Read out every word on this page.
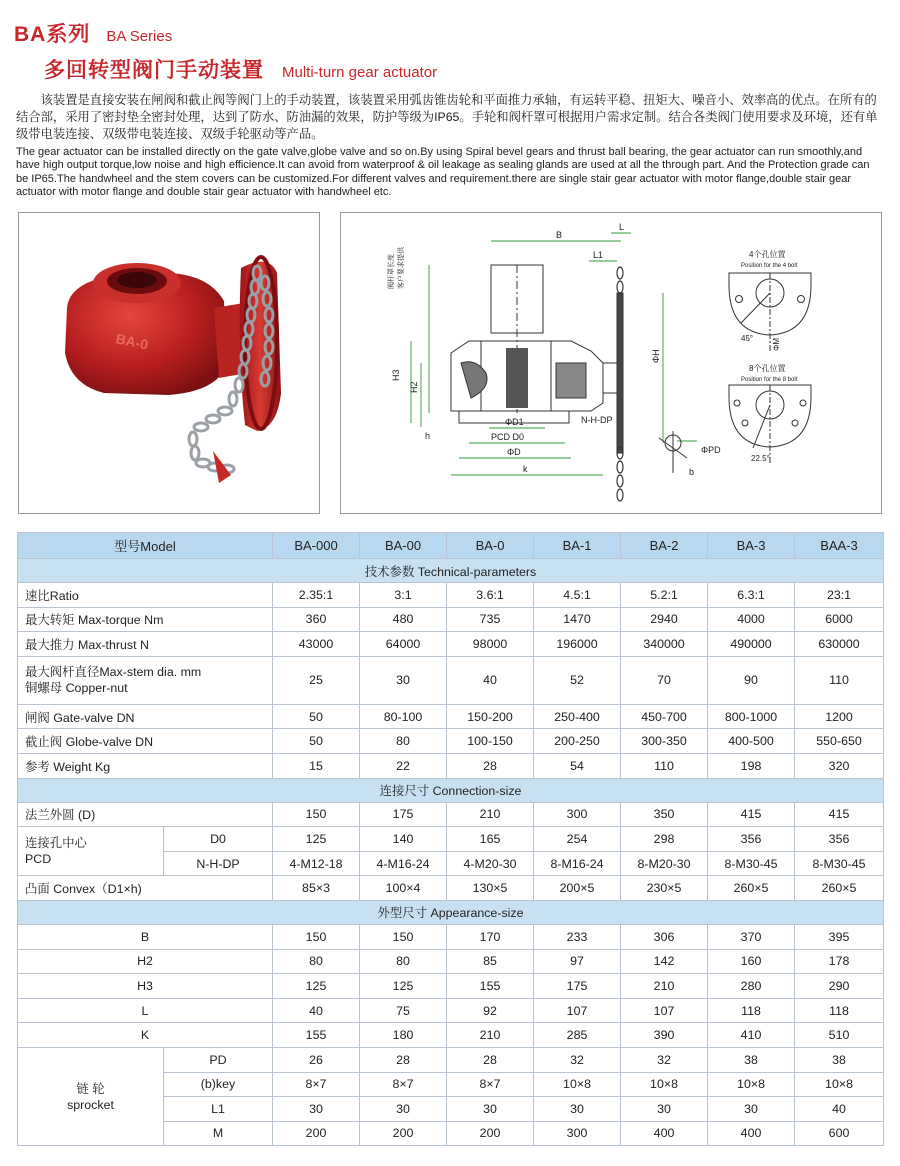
BA系列 BA Series
多回转型阀门手动装置 Multi-turn gear actuator

该装置是直接安装在闸阀和截止阀等阀门上的手动装置，该装置采用弧齿锥齿轮和平面推力承轴，有运转平稳、扭矩大、噪音小、效率高的优点。在所有的结合部，采用了密封垫全密封处理，达到了防水、防油漏的效果，防护等级为IP65。手轮和阀杆罩可根据用户需求定制。结合各类阀门使用要求及环境，还有单级带电装连接、双级带电装连接、双级手轮驱动等产品。

The gear actuator can be installed directly on the gate valve,globe valve and so on.By using Spiral bevel gears and thrust ball bearing, the gear actuator can run smoothly,and have high output torque,low noise and high efficience.It can avoid from waterproof & oil leakage as sealing glands are used at all the through part. And the Protection grade can be IP65.The handwheel and the stem covers can be customized.For different valves and requirement.there are single stair gear actuator with motor flange,double stair gear actuator with motor flange and double stair gear actuator with handwheel etc.

BA-0
B
L
L1
H3
H2
h
ΦH
ΦD1
PCD D0
ΦD
k
N-H-DP
ΦPD
b
阀杆罩长度 客户要求提供	4个孔位置
Position for the 4 bolt
45° ΦM
8个孔位置
Position for the 8 bolt
22.5°
型号Model		BA-000	BA-00	BA-0	BA-1	BA-2	BA-3	BAA-3
技术参数 Technical-parameters								
速比Ratio		2.35:1	3:1	3.6:1	4.5:1	5.2:1	6.3:1	23:1
最大转矩 Max-torque Nm		360	480	735	1470	2940	4000	6000
最大推力 Max-thrust N		43000	64000	98000	196000	340000	490000	630000
最大阀杆直径Max-stem dia. mm
铜螺母 Copper-nut		25	30	40	52	70	90	110
闸阀 Gate-valve DN		50	80-100	150-200	250-400	450-700	800-1000	1200
截止阀 Globe-valve DN		50	80	100-150	200-250	300-350	400-500	550-650
参考 Weight Kg		15	22	28	54	110	198	320
连接尺寸 Connection-size								
法兰外圆 (D)		150	175	210	300	350	415	415
连接孔中心
PCD	D0	125	140	165	254	298	356	356
	N-H-DP	4-M12-18	4-M16-24	4-M20-30	8-M16-24	8-M20-30	8-M30-45	8-M30-45
凸面 Convex（D1×h)		85×3	100×4	130×5	200×5	230×5	260×5	260×5
外型尺寸 Appearance-size								
B		150	150	170	233	306	370	395
H2		80	80	85	97	142	160	178
H3		125	125	155	175	210	280	290
L		40	75	92	107	107	118	118
K		155	180	210	285	390	410	510
链 轮
sprocket	PD	26	28	28	32	32	38	38
	(b)key	8×7	8×7	8×7	10×8	10×8	10×8	10×8
	L1	30	30	30	30	30	30	40
	M	200	200	200	300	400	400	600
